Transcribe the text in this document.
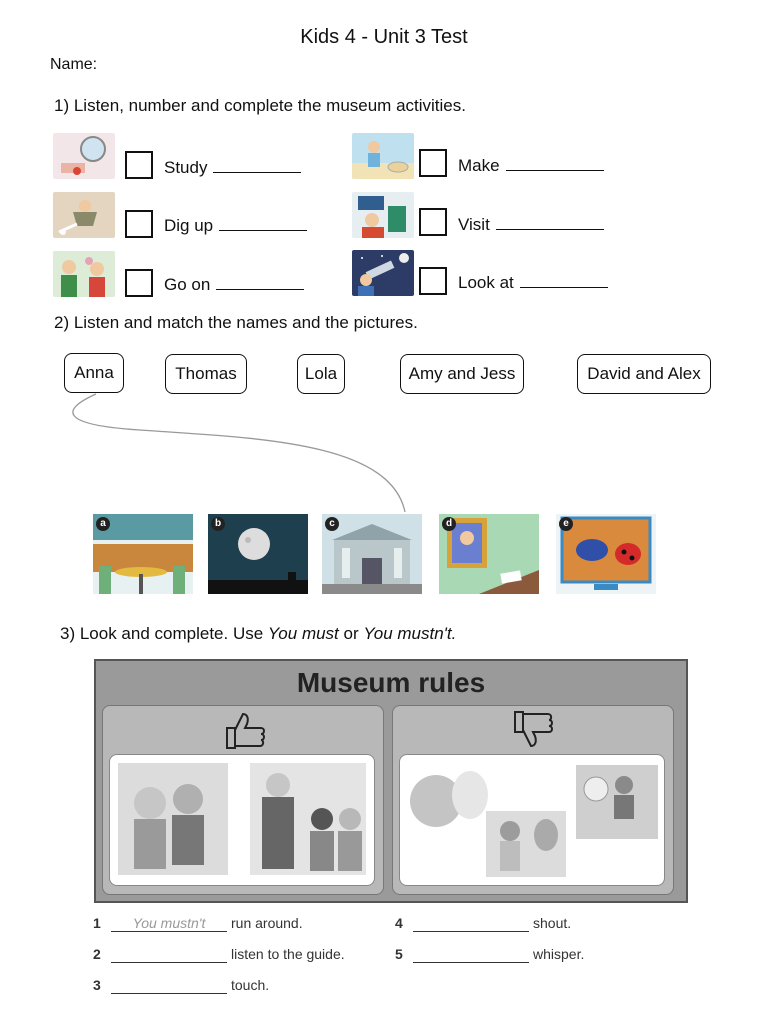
Kids 4 - Unit 3 Test
Name:
1) Listen, number and complete the museum activities.
Study	Make
Dig up	Visit
Go on	Look at
2) Listen and match the names and the pictures.
Anna	Thomas	Lola	Amy and Jess	David and Alex
a	b	c	d	e
3) Look and complete. Use You must or You mustn't.
Museum rules
1 You mustn't run around.
2	listen to the guide.
3	touch.
4	shout.
5	whisper.
